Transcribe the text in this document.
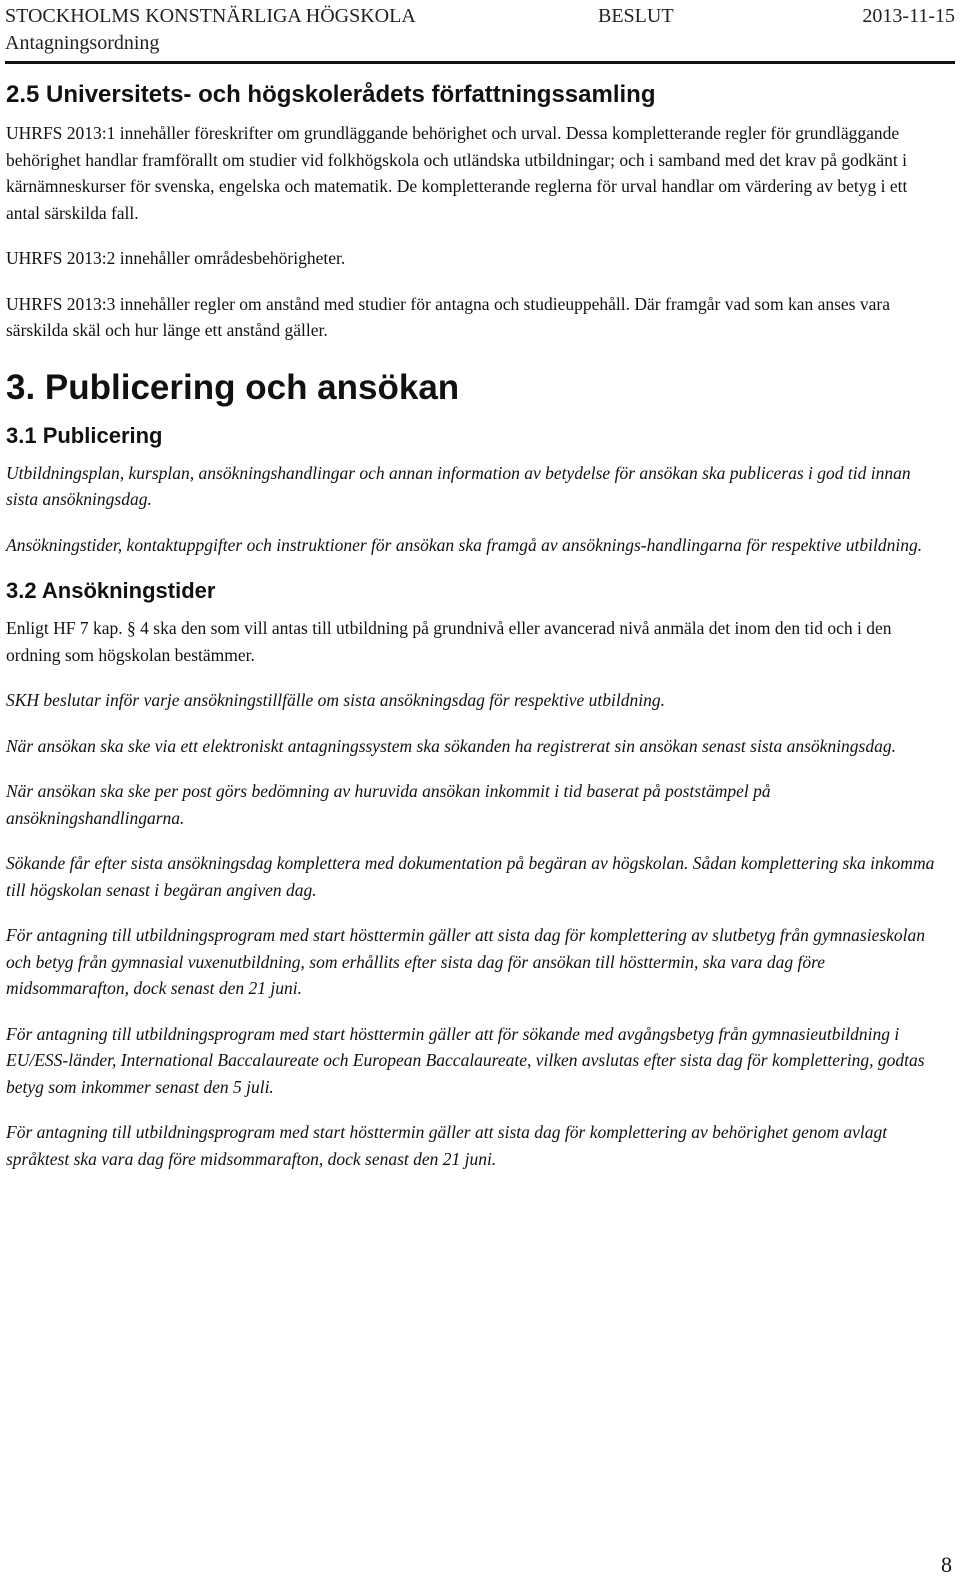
STOCKHOLMS KONSTNÄRLIGA HÖGSKOLA	BESLUT	2013-11-15
Antagningsordning
2.5 Universitets- och högskolerådets författningssamling

UHRFS 2013:1 innehåller föreskrifter om grundläggande behörighet och urval. Dessa kompletterande regler för grundläggande behörighet handlar framförallt om studier vid folkhögskola och utländska utbildningar; och i samband med det krav på godkänt i kärnämneskurser för svenska, engelska och matematik. De kompletterande reglerna för urval handlar om värdering av betyg i ett antal särskilda fall.

UHRFS 2013:2 innehåller områdesbehörigheter.

UHRFS 2013:3 innehåller regler om anstånd med studier för antagna och studieuppehåll. Där framgår vad som kan anses vara särskilda skäl och hur länge ett anstånd gäller.

3. Publicering och ansökan
3.1 Publicering

Utbildningsplan, kursplan, ansökningshandlingar och annan information av betydelse för ansökan ska publiceras i god tid innan sista ansökningsdag.

Ansökningstider, kontaktuppgifter och instruktioner för ansökan ska framgå av ansöknings-handlingarna för respektive utbildning.

3.2 Ansökningstider

Enligt HF 7 kap. § 4 ska den som vill antas till utbildning på grundnivå eller avancerad nivå anmäla det inom den tid och i den ordning som högskolan bestämmer.

SKH beslutar inför varje ansökningstillfälle om sista ansökningsdag för respektive utbildning.

När ansökan ska ske via ett elektroniskt antagningssystem ska sökanden ha registrerat sin ansökan senast sista ansökningsdag.

När ansökan ska ske per post görs bedömning av huruvida ansökan inkommit i tid baserat på poststämpel på ansökningshandlingarna.

Sökande får efter sista ansökningsdag komplettera med dokumentation på begäran av högskolan. Sådan komplettering ska inkomma till högskolan senast i begäran angiven dag.

För antagning till utbildningsprogram med start hösttermin gäller att sista dag för komplettering av slutbetyg från gymnasieskolan och betyg från gymnasial vuxenutbildning, som erhållits efter sista dag för ansökan till hösttermin, ska vara dag före midsommarafton, dock senast den 21 juni.

För antagning till utbildningsprogram med start hösttermin gäller att för sökande med avgångsbetyg från gymnasieutbildning i EU/ESS-länder, International Baccalaureate och European Baccalaureate, vilken avslutas efter sista dag för komplettering, godtas betyg som inkommer senast den 5 juli.

För antagning till utbildningsprogram med start hösttermin gäller att sista dag för komplettering av behörighet genom avlagt språktest ska vara dag före midsommarafton, dock senast den 21 juni.

8
